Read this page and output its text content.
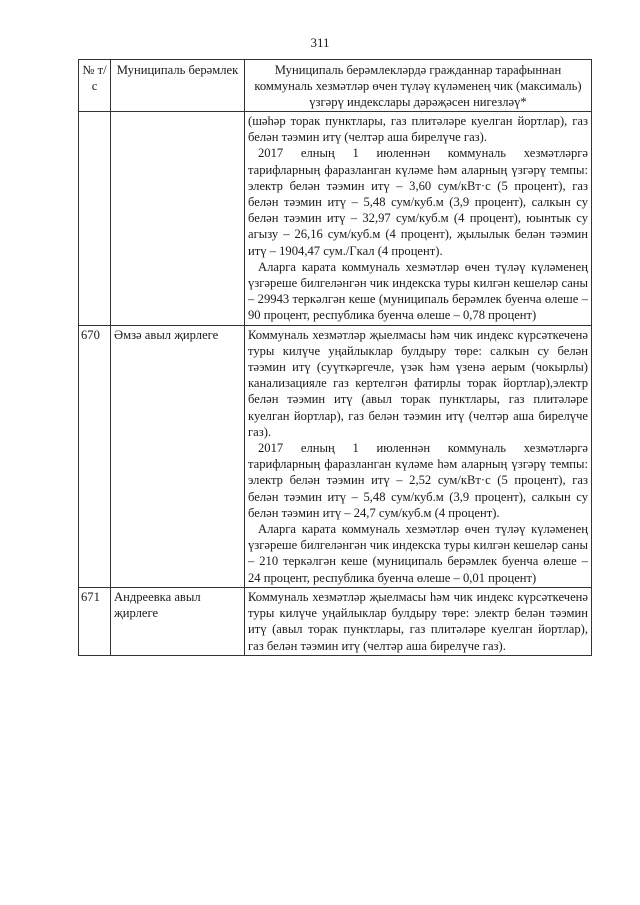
311
№ т/с	Муниципаль берәмлек	Муниципаль берәмлекләрдә гражданнар тарафыннан коммуналь хезмәтләр өчен түләү күләменең чик (максималь) үзгәрү индекслары дәрәҗәсен нигезләү*

		(шәһәр торак пунктлары, газ плитәләре куелган йортлар), газ белән тәэмин итү (челтәр аша бирелүче газ).

2017 елның 1 июленнән коммуналь хезмәтләргә тарифларның фаразланган күләме һәм аларның үзгәрү темпы: электр белән тәэмин итү – 3,60 сум/кВт·с (5 процент), газ белән тәэмин итү – 5,48 сум/куб.м (3,9 процент), салкын су белән тәэмин итү – 32,97 сум/куб.м (4 процент), юынтык су агызу – 26,16 сум/куб.м (4 процент), җылылык белән тәэмин итү – 1904,47 сум./Гкал (4 процент).

Аларга карата коммуналь хезмәтләр өчен түләү күләменең үзгәреше билгеләнгән чик индекска туры килгән кешеләр саны – 29943 теркәлгән кеше (муниципаль берәмлек буенча өлеше – 90 процент, республика буенча өлеше – 0,78 процент)

670	Әмзә авыл җирлеге	Коммуналь хезмәтләр җыелмасы һәм чик индекс күрсәткеченә туры килүче уңайлыклар булдыру төре: салкын су белән тәэмин итү (суүткәргечле, үзәк һәм үзенә аерым (чокырлы) канализацияле газ кертелгән фатирлы торак йортлар),электр белән тәэмин итү (авыл торак пунктлары, газ плитәләре куелган йортлар), газ белән тәэмин итү (челтәр аша бирелүче газ).

2017 елның 1 июленнән коммуналь хезмәтләргә тарифларның фаразланган күләме һәм аларның үзгәрү темпы: электр белән тәэмин итү – 2,52 сум/кВт·с (5 процент), газ белән тәэмин итү – 5,48 сум/куб.м (3,9 процент), салкын су белән тәэмин итү – 24,7 сум/куб.м (4 процент).

Аларга карата коммуналь хезмәтләр өчен түләү күләменең үзгәреше билгеләнгән чик индекска туры килгән кешеләр саны – 210 теркәлгән кеше (муниципаль берәмлек буенча өлеше – 24 процент, республика буенча өлеше – 0,01 процент)

671	Андреевка авыл җирлеге	Коммуналь хезмәтләр җыелмасы һәм чик индекс күрсәткеченә туры килүче уңайлыклар булдыру төре: электр белән тәэмин итү (авыл торак пунктлары, газ плитәләре куелган йортлар), газ белән тәэмин итү (челтәр аша бирелүче газ).
